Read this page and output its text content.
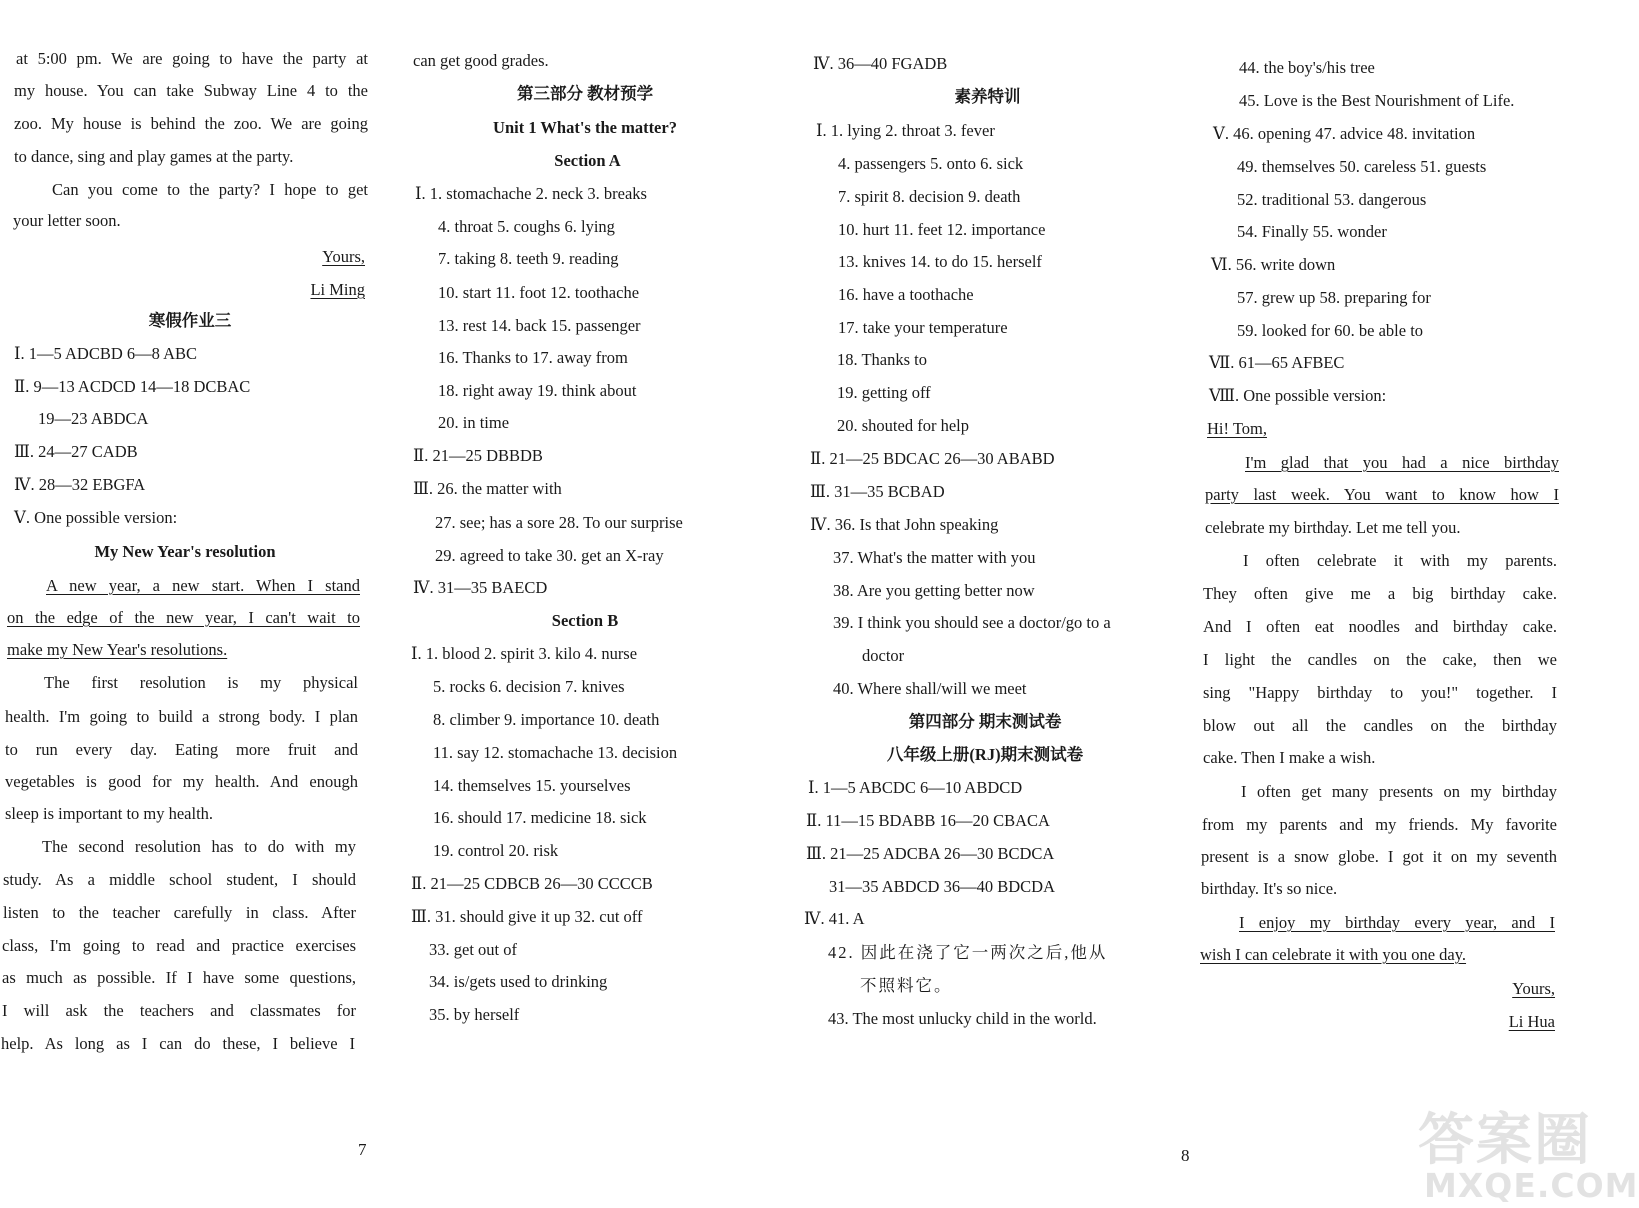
at 5:00 pm. We are going to have the party at
my house. You can take Subway Line 4 to the
zoo. My house is behind the zoo. We are going
to dance, sing and play games at the party.
Can you come to the party? I hope to get
your letter soon.
Yours,
Li Ming
寒假作业三
Ⅰ. 1—5 ADCBD 6—8 ABC
Ⅱ. 9—13 ACDCD 14—18 DCBAC
19—23 ABDCA
Ⅲ. 24—27 CADB
Ⅳ. 28—32 EBGFA
Ⅴ. One possible version:
My New Year's resolution
A new year, a new start. When I stand
on the edge of the new year, I can't wait to
make my New Year's resolutions.
The first resolution is my physical
health. I'm going to build a strong body. I plan
to run every day. Eating more fruit and
vegetables is good for my health. And enough
sleep is important to my health.
The second resolution has to do with my
study. As a middle school student, I should
listen to the teacher carefully in class. After
class, I'm going to read and practice exercises
as much as possible. If I have some questions,
I will ask the teachers and classmates for
help. As long as I can do these, I believe I
can get good grades.
第三部分 教材预学
Unit 1 What's the matter?
Section A
Ⅰ. 1. stomachache 2. neck 3. breaks
4. throat 5. coughs 6. lying
7. taking 8. teeth 9. reading
10. start 11. foot 12. toothache
13. rest 14. back 15. passenger
16. Thanks to 17. away from
18. right away 19. think about
20. in time
Ⅱ. 21—25 DBBDB
Ⅲ. 26. the matter with
27. see; has a sore 28. To our surprise
29. agreed to take 30. get an X-ray
Ⅳ. 31—35 BAECD
Section B
Ⅰ. 1. blood 2. spirit 3. kilo 4. nurse
5. rocks 6. decision 7. knives
8. climber 9. importance 10. death
11. say 12. stomachache 13. decision
14. themselves 15. yourselves
16. should 17. medicine 18. sick
19. control 20. risk
Ⅱ. 21—25 CDBCB 26—30 CCCCB
Ⅲ. 31. should give it up 32. cut off
33. get out of
34. is/gets used to drinking
35. by herself
7
Ⅳ. 36—40 FGADB
素养特训
Ⅰ. 1. lying 2. throat 3. fever
4. passengers 5. onto 6. sick
7. spirit 8. decision 9. death
10. hurt 11. feet 12. importance
13. knives 14. to do 15. herself
16. have a toothache
17. take your temperature
18. Thanks to
19. getting off
20. shouted for help
Ⅱ. 21—25 BDCAC 26—30 ABABD
Ⅲ. 31—35 BCBAD
Ⅳ. 36. Is that John speaking
37. What's the matter with you
38. Are you getting better now
39. I think you should see a doctor/go to a
doctor
40. Where shall/will we meet
第四部分 期末测试卷
八年级上册(RJ)期末测试卷
Ⅰ. 1—5 ABCDC 6—10 ABDCD
Ⅱ. 11—15 BDABB 16—20 CBACA
Ⅲ. 21—25 ADCBA 26—30 BCDCA
31—35 ABDCD 36—40 BDCDA
Ⅳ. 41. A
42. 因此在浇了它一两次之后,他从
不照料它。
43. The most unlucky child in the world.
8
44. the boy's/his tree
45. Love is the Best Nourishment of Life.
Ⅴ. 46. opening 47. advice 48. invitation
49. themselves 50. careless 51. guests
52. traditional 53. dangerous
54. Finally 55. wonder
Ⅵ. 56. write down
57. grew up 58. preparing for
59. looked for 60. be able to
Ⅶ. 61—65 AFBEC
Ⅷ. One possible version:
Hi! Tom,
I'm glad that you had a nice birthday
party last week. You want to know how I
celebrate my birthday. Let me tell you.
I often celebrate it with my parents.
They often give me a big birthday cake.
And I often eat noodles and birthday cake.
I light the candles on the cake, then we
sing "Happy birthday to you!" together. I
blow out all the candles on the birthday
cake. Then I make a wish.
I often get many presents on my birthday
from my parents and my friends. My favorite
present is a snow globe. I got it on my seventh
birthday. It's so nice.
I enjoy my birthday every year, and I
wish I can celebrate it with you one day.
Yours,
Li Hua
答案圈
MXQE.COM
